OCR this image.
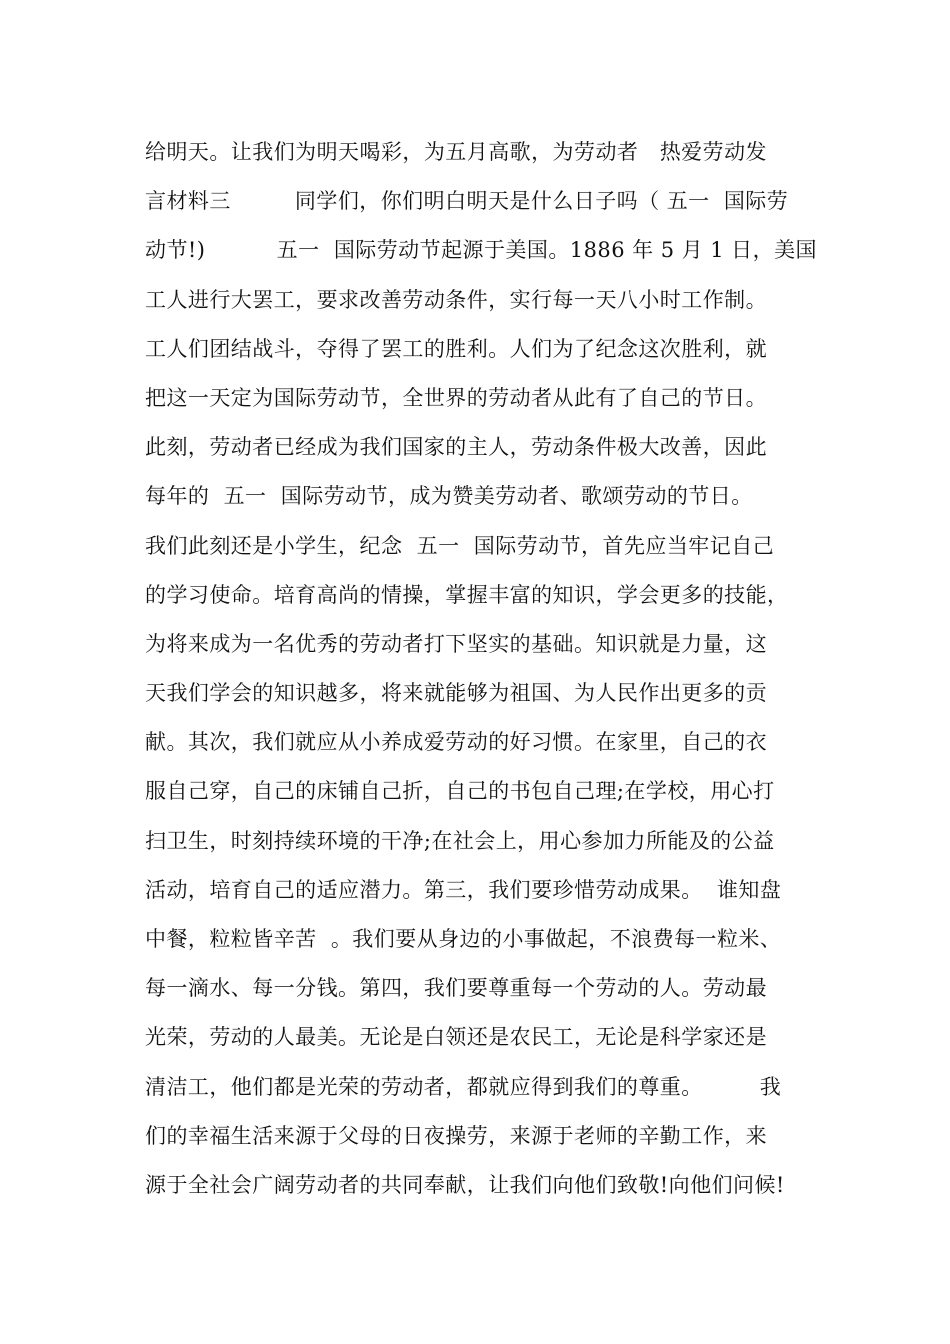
给明天。让我们为明天喝彩，为五月高歌，为劳动者   热爱劳动发
言材料三         同学们，你们明白明天是什么日子吗（ 五一  国际劳
动节!)          五一  国际劳动节起源于美国。1886 年 5 月 1 日，美国
工人进行大罢工，要求改善劳动条件，实行每一天八小时工作制。
工人们团结战斗，夺得了罢工的胜利。人们为了纪念这次胜利，就
把这一天定为国际劳动节，全世界的劳动者从此有了自己的节日。
此刻，劳动者已经成为我们国家的主人，劳动条件极大改善，因此
每年的  五一  国际劳动节，成为赞美劳动者、歌颂劳动的节日。
我们此刻还是小学生，纪念  五一  国际劳动节，首先应当牢记自己
的学习使命。培育高尚的情操，掌握丰富的知识，学会更多的技能，
为将来成为一名优秀的劳动者打下坚实的基础。知识就是力量，这
天我们学会的知识越多，将来就能够为祖国、为人民作出更多的贡
献。其次，我们就应从小养成爱劳动的好习惯。在家里，自己的衣
服自己穿，自己的床铺自己折，自己的书包自己理;在学校，用心打
扫卫生，时刻持续环境的干净;在社会上，用心参加力所能及的公益
活动，培育自己的适应潜力。第三，我们要珍惜劳动成果。  谁知盘
中餐，粒粒皆辛苦  。我们要从身边的小事做起，不浪费每一粒米、
每一滴水、每一分钱。第四，我们要尊重每一个劳动的人。劳动最
光荣，劳动的人最美。无论是白领还是农民工，无论是科学家还是
清洁工，他们都是光荣的劳动者，都就应得到我们的尊重。        我
们的幸福生活来源于父母的日夜操劳，来源于老师的辛勤工作，来
源于全社会广阔劳动者的共同奉献，让我们向他们致敬!向他们问候!
